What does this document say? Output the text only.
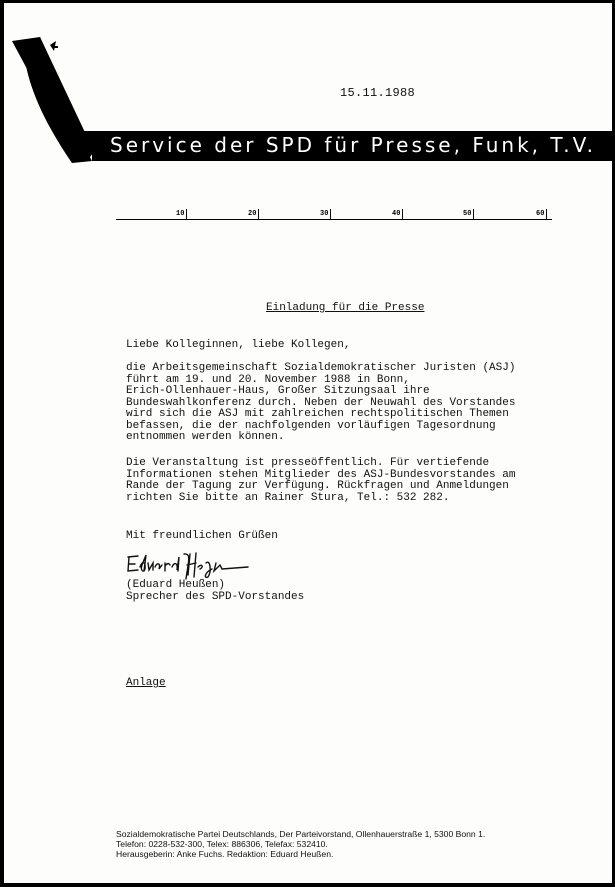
15.11.1988
Service der SPD für Presse, Funk, T.V.
10	20	30	40	50	60
Einladung für die Presse
Liebe Kolleginnen, liebe Kollegen,
die Arbeitsgemeinschaft Sozialdemokratischer Juristen (ASJ)
führt am 19. und 20. November 1988 in Bonn,
Erich-Ollenhauer-Haus, Großer Sitzungsaal ihre
Bundeswahlkonferenz durch. Neben der Neuwahl des Vorstandes
wird sich die ASJ mit zahlreichen rechtspolitischen Themen
befassen, die der nachfolgenden vorläufigen Tagesordnung
entnommen werden können.
Die Veranstaltung ist presseöffentlich. Für vertiefende
Informationen stehen Mitglieder des ASJ-Bundesvorstandes am
Rande der Tagung zur Verfügung. Rückfragen und Anmeldungen
richten Sie bitte an Rainer Stura, Tel.: 532 282.
Mit freundlichen Grüßen
(Eduard Heußen)
Sprecher des SPD-Vorstandes
Anlage
Sozialdemokratische Partei Deutschlands, Der Parteivorstand, Ollenhauerstraße 1, 5300 Bonn 1.
Telefon: 0228-532-300, Telex: 886306, Telefax: 532410.
Herausgeberin: Anke Fuchs. Redaktion: Eduard Heußen.
